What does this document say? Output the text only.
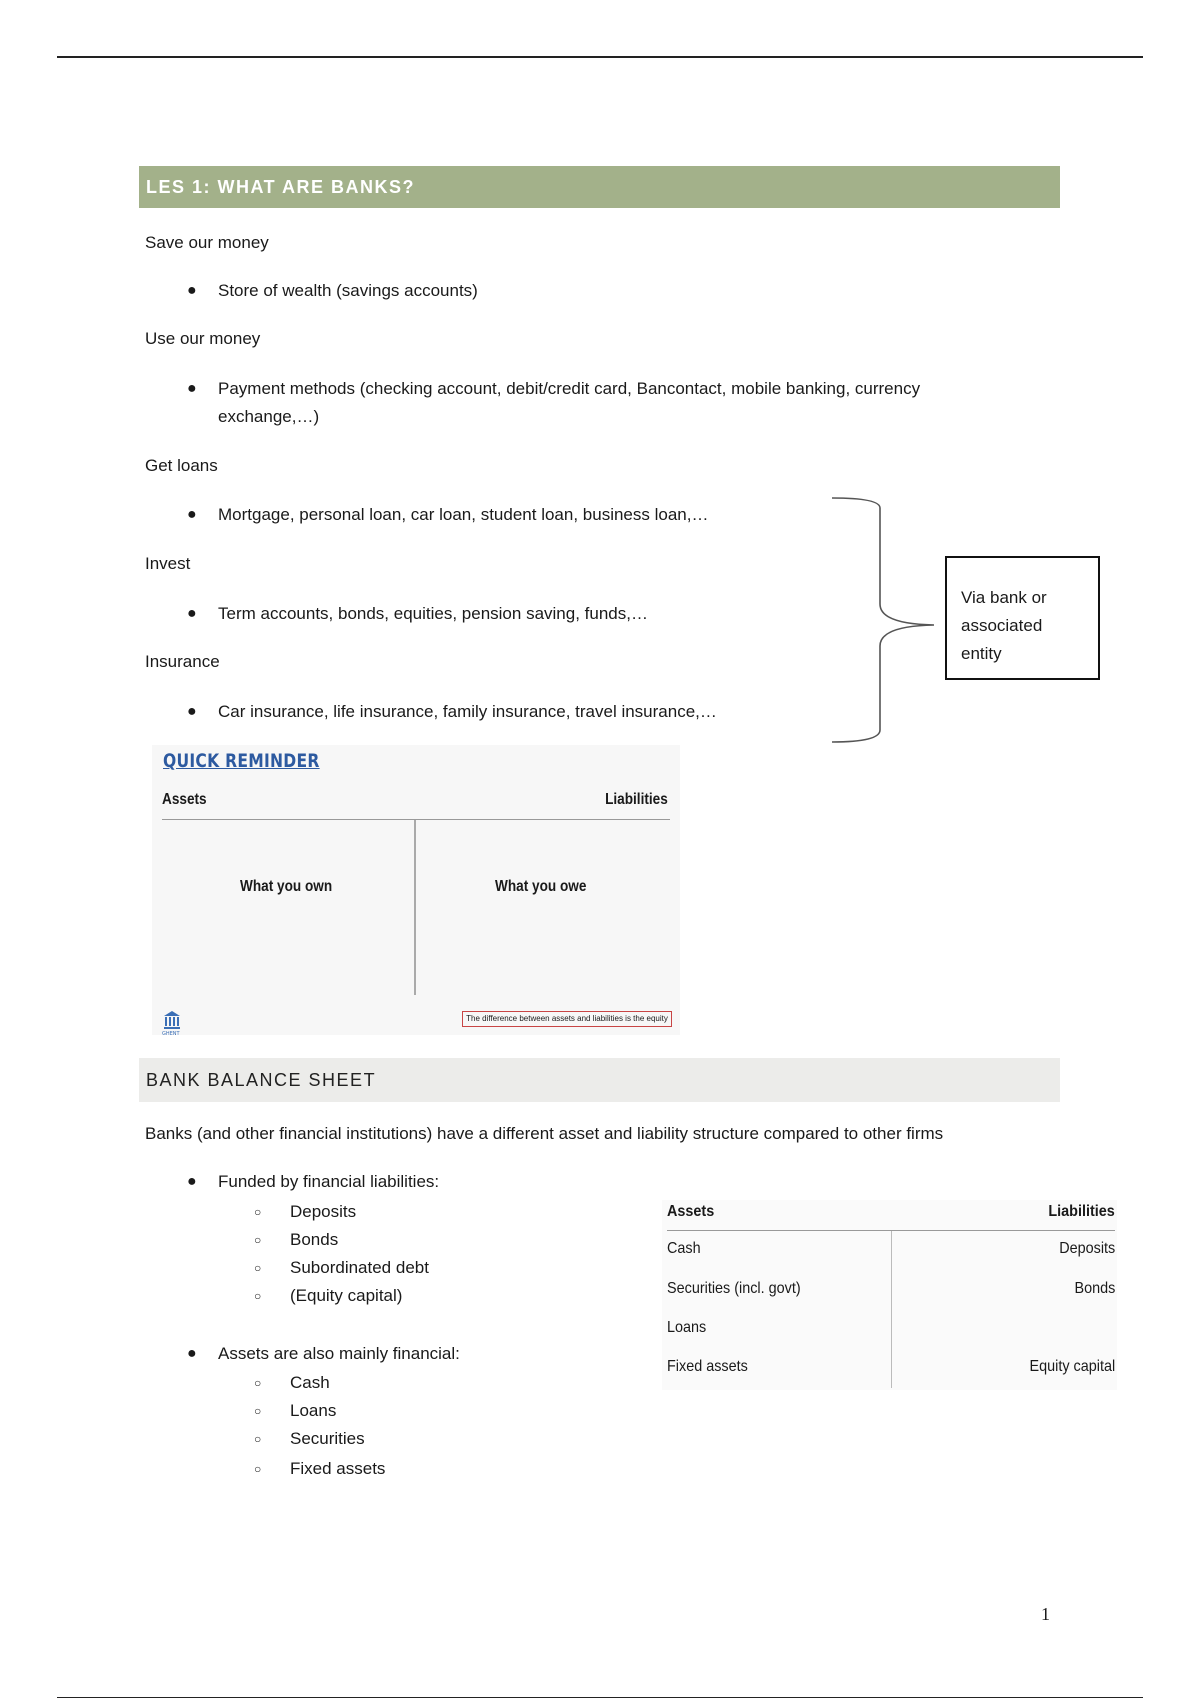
LES 1: WHAT ARE BANKS?
Save our money
● Store of wealth (savings accounts)
Use our money
● Payment methods (checking account, debit/credit card, Bancontact, mobile banking, currency exchange,…)
Get loans
● Mortgage, personal loan, car loan, student loan, business loan,…
Invest
● Term accounts, bonds, equities, pension saving, funds,…
Insurance
● Car insurance, life insurance, family insurance, travel insurance,…
Via bank or associated entity
QUICK REMINDER
Assets	Liabilities
What you own	What you owe
GHENT
The difference between assets and liabilities is the equity
BANK BALANCE SHEET
Banks (and other financial institutions) have a different asset and liability structure compared to other firms
● Funded by financial liabilities:
○ Deposits
○ Bonds
○ Subordinated debt
○ (Equity capital)
● Assets are also mainly financial:
○ Cash
○ Loans
○ Securities
○ Fixed assets
Assets	Liabilities
Cash	Deposits
Securities (incl. govt)	Bonds
Loans
Fixed assets	Equity capital
1
